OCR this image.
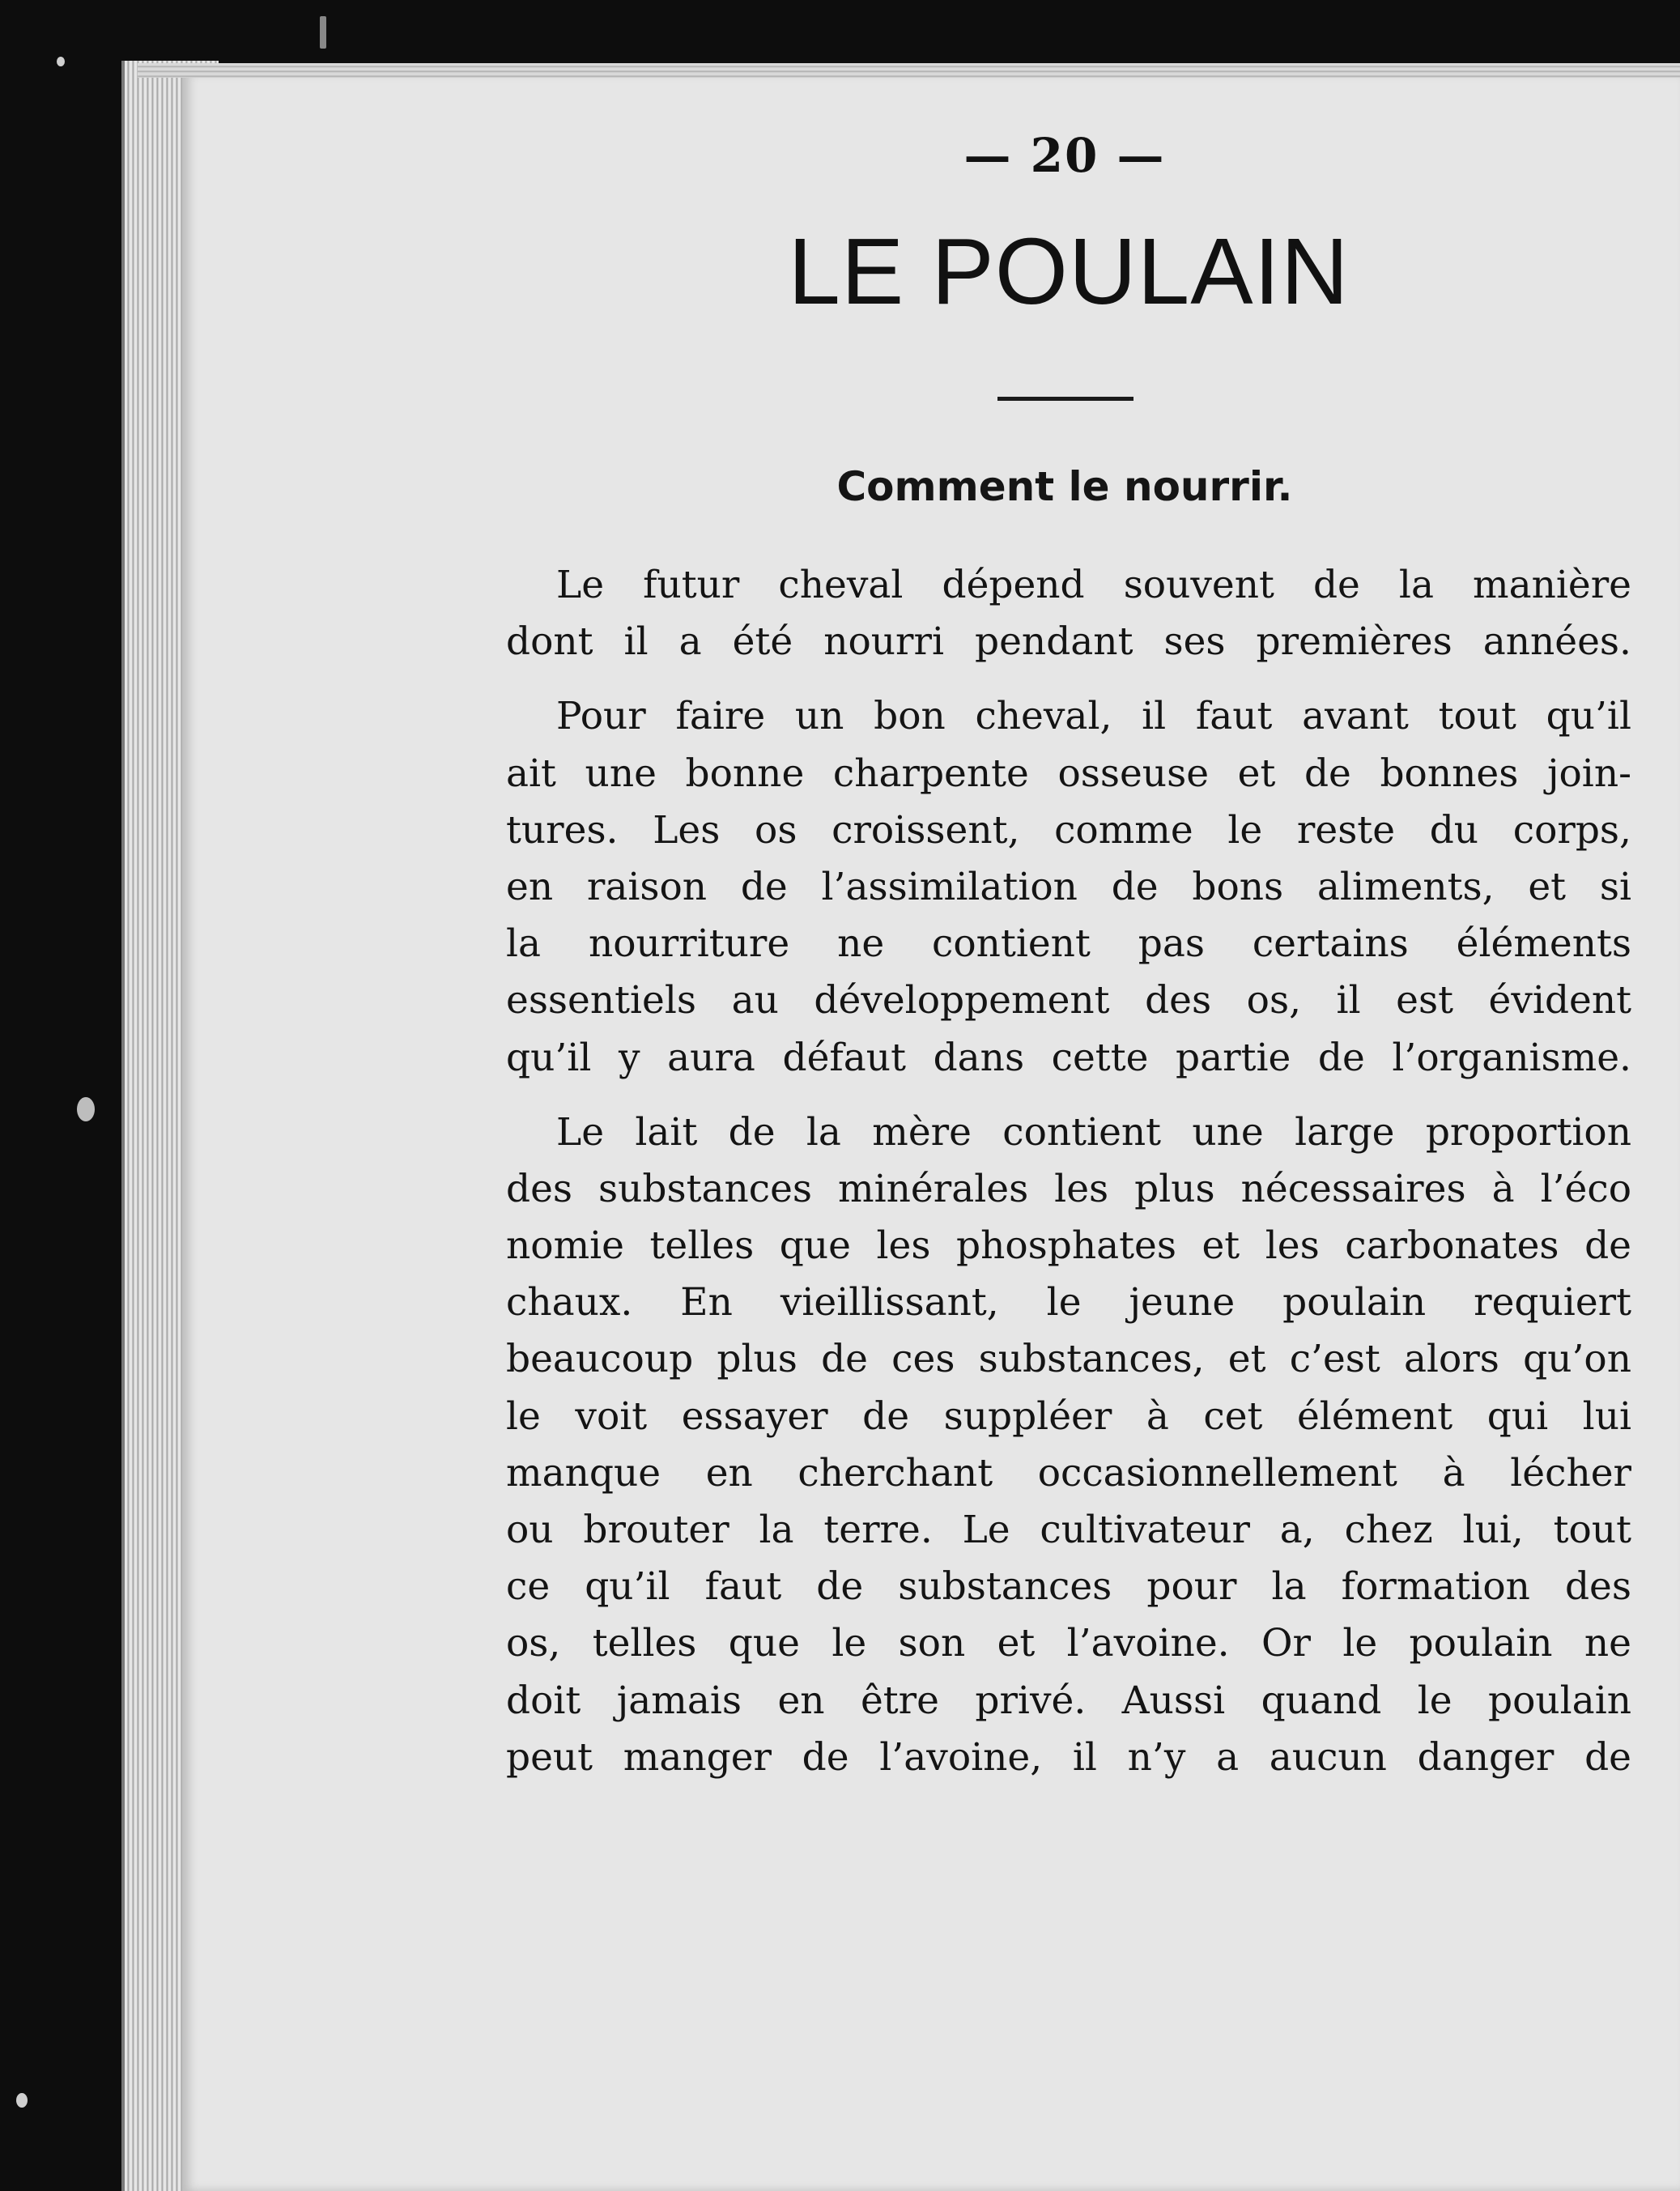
— 20 —
LE POULAIN
Comment le nourrir.
Le futur cheval dépend souvent de la manière
dont il a été nourri pendant ses premières années.
Pour faire un bon cheval, il faut avant tout qu’il
ait une bonne charpente osseuse et de bonnes join-
tures. Les os croissent, comme le reste du corps,
en raison de l’assimilation de bons aliments, et si
la nourriture ne contient pas certains éléments
essentiels au développement des os, il est évident
qu’il y aura défaut dans cette partie de l’organisme.
Le lait de la mère contient une large proportion
des substances minérales les plus nécessaires à l’éco
nomie telles que les phosphates et les carbonates de
chaux. En vieillissant, le jeune poulain requiert
beaucoup plus de ces substances, et c’est alors qu’on
le voit essayer de suppléer à cet élément qui lui
manque en cherchant occasionnellement à lécher
ou brouter la terre. Le cultivateur a, chez lui, tout
ce qu’il faut de substances pour la formation des
os, telles que le son et l’avoine. Or le poulain ne
doit jamais en être privé. Aussi quand le poulain
peut manger de l’avoine, il n’y a aucun danger de
